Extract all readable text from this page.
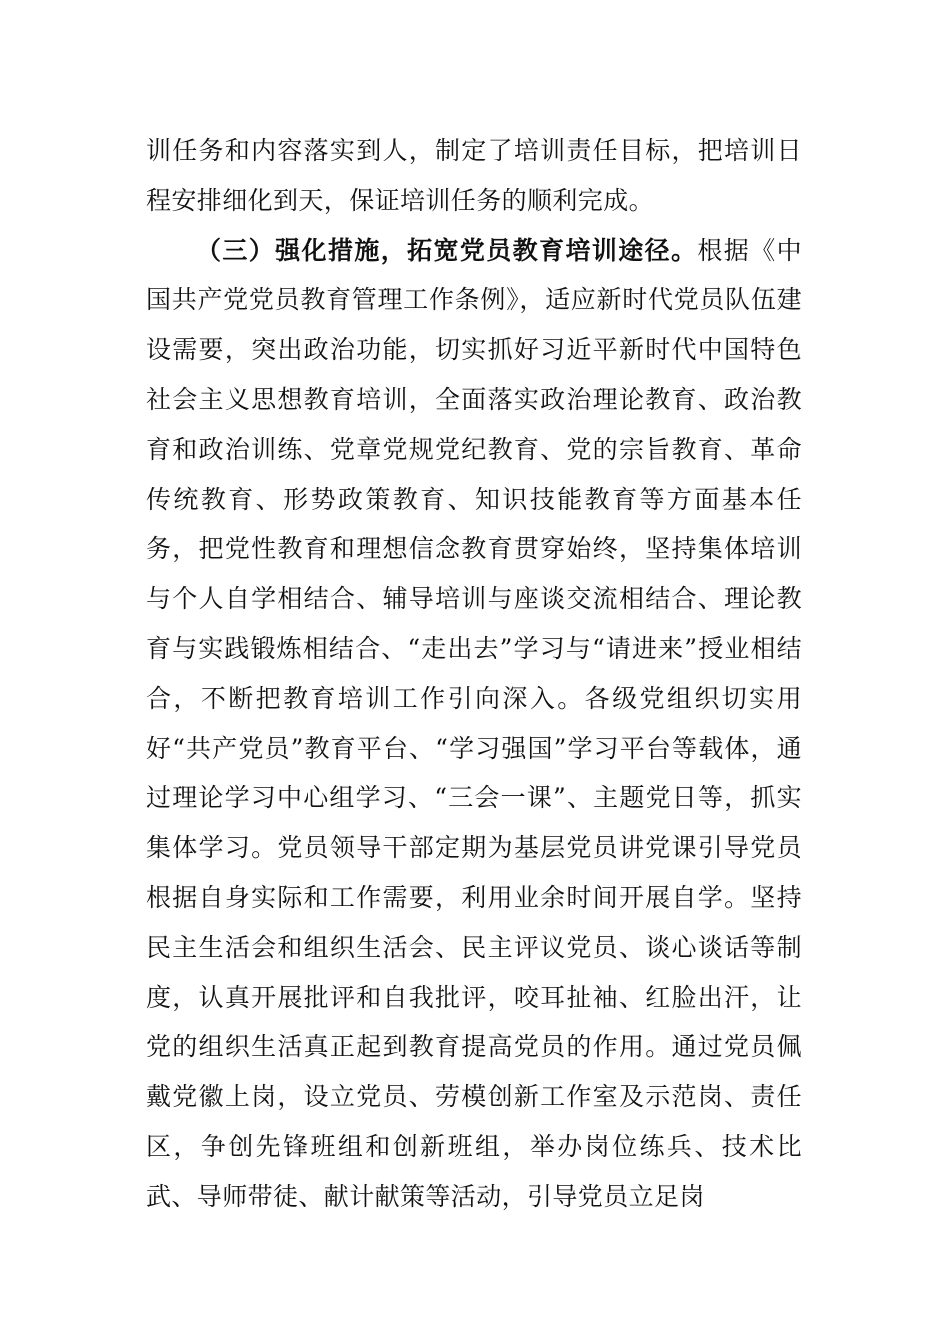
训任务和内容落实到人，制定了培训责任目标，把培训日程安排细化到天，保证培训任务的顺利完成。

（三）强化措施，拓宽党员教育培训途径。根据《中国共产党党员教育管理工作条例》，适应新时代党员队伍建设需要，突出政治功能，切实抓好习近平新时代中国特色社会主义思想教育培训，全面落实政治理论教育、政治教育和政治训练、党章党规党纪教育、党的宗旨教育、革命传统教育、形势政策教育、知识技能教育等方面基本任务，把党性教育和理想信念教育贯穿始终，坚持集体培训与个人自学相结合、辅导培训与座谈交流相结合、理论教育与实践锻炼相结合、“走出去”学习与“请进来”授业相结合，不断把教育培训工作引向深入。各级党组织切实用好“共产党员”教育平台、“学习强国”学习平台等载体，通过理论学习中心组学习、“三会一课”、主题党日等，抓实集体学习。党员领导干部定期为基层党员讲党课引导党员根据自身实际和工作需要，利用业余时间开展自学。坚持民主生活会和组织生活会、民主评议党员、谈心谈话等制度，认真开展批评和自我批评，咬耳扯袖、红脸出汗，让党的组织生活真正起到教育提高党员的作用。通过党员佩戴党徽上岗，设立党员、劳模创新工作室及示范岗、责任区，争创先锋班组和创新班组，举办岗位练兵、技术比武、导师带徒、献计献策等活动，引导党员立足岗
